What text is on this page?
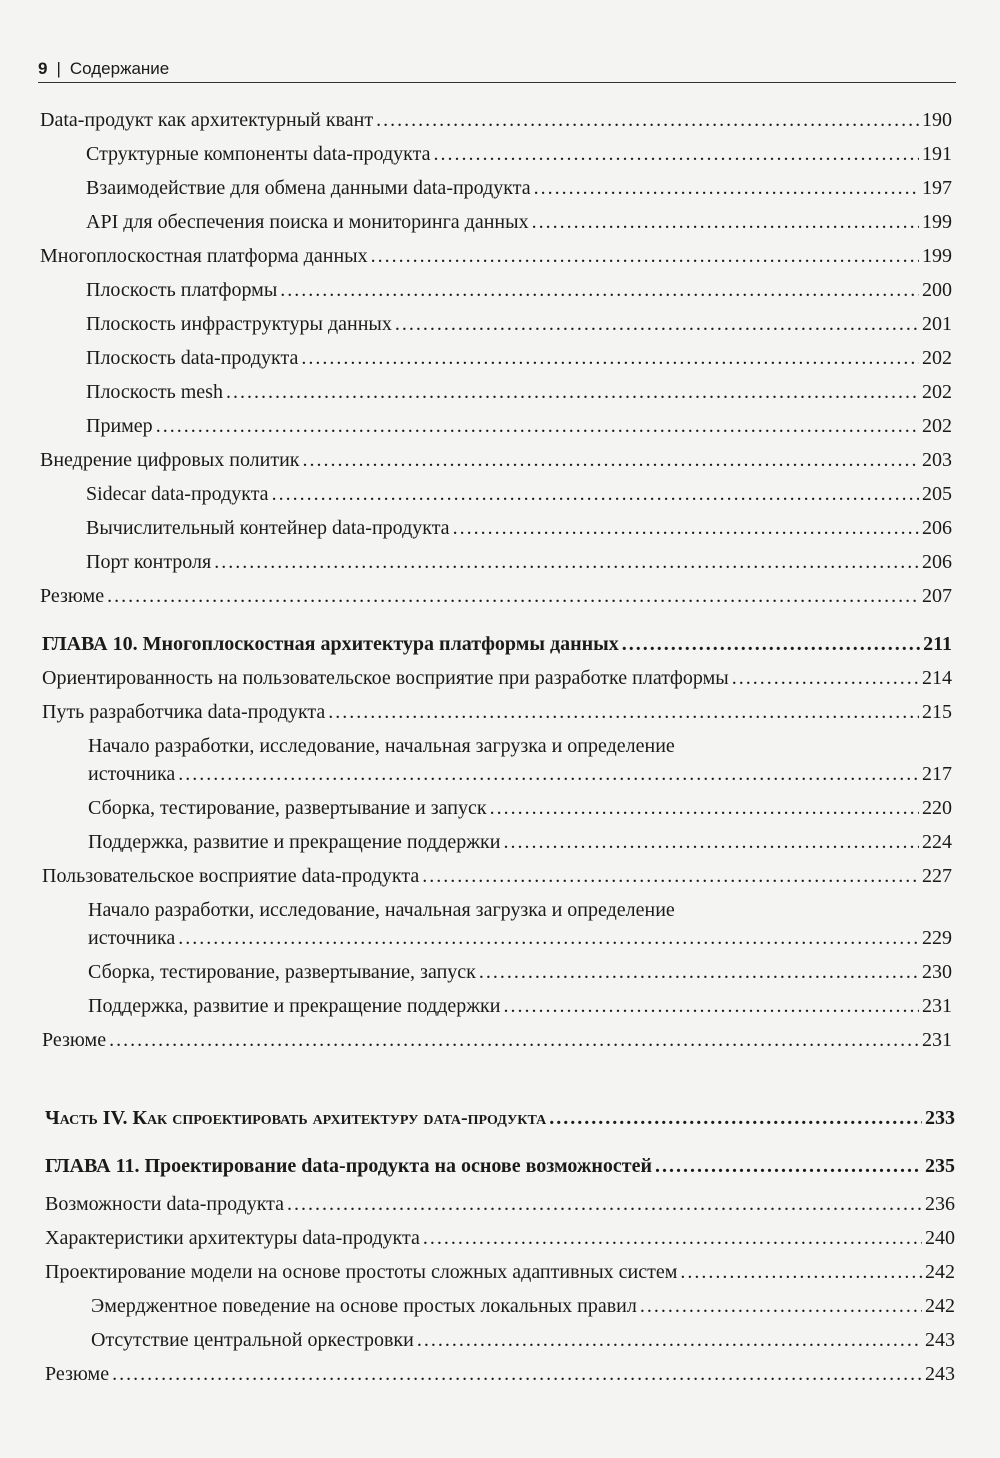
9 | Содержание
Data-продукт как архитектурный квант .....	190
Структурные компоненты data-продукта .....	191
Взаимодействие для обмена данными data-продукта .....	197
API для обеспечения поиска и мониторинга данных .....	199
Многоплоскостная платформа данных .....	199
Плоскость платформы .....	200
Плоскость инфраструктуры данных .....	201
Плоскость data-продукта .....	202
Плоскость mesh .....	202
Пример .....	202
Внедрение цифровых политик .....	203
Sidecar data-продукта .....	205
Вычислительный контейнер data-продукта .....	206
Порт контроля .....	206
Резюме .....	207
ГЛАВА 10. Многоплоскостная архитектура платформы данных .....	211
Ориентированность на пользовательское восприятие при разработке платформы .....	214
Путь разработчика data-продукта .....	215
Начало разработки, исследование, начальная загрузка и определение
источника .....	217
Сборка, тестирование, развертывание и запуск .....	220
Поддержка, развитие и прекращение поддержки .....	224
Пользовательское восприятие data-продукта .....	227
Начало разработки, исследование, начальная загрузка и определение
источника .....	229
Сборка, тестирование, развертывание, запуск .....	230
Поддержка, развитие и прекращение поддержки .....	231
Резюме .....	231
Часть IV. Как спроектировать архитектуру data-продукта .....	233
ГЛАВА 11. Проектирование data-продукта на основе возможностей .....	235
Возможности data-продукта .....	236
Характеристики архитектуры data-продукта .....	240
Проектирование модели на основе простоты сложных адаптивных систем .....	242
Эмерджентное поведение на основе простых локальных правил .....	242
Отсутствие центральной оркестровки .....	243
Резюме .....	243
